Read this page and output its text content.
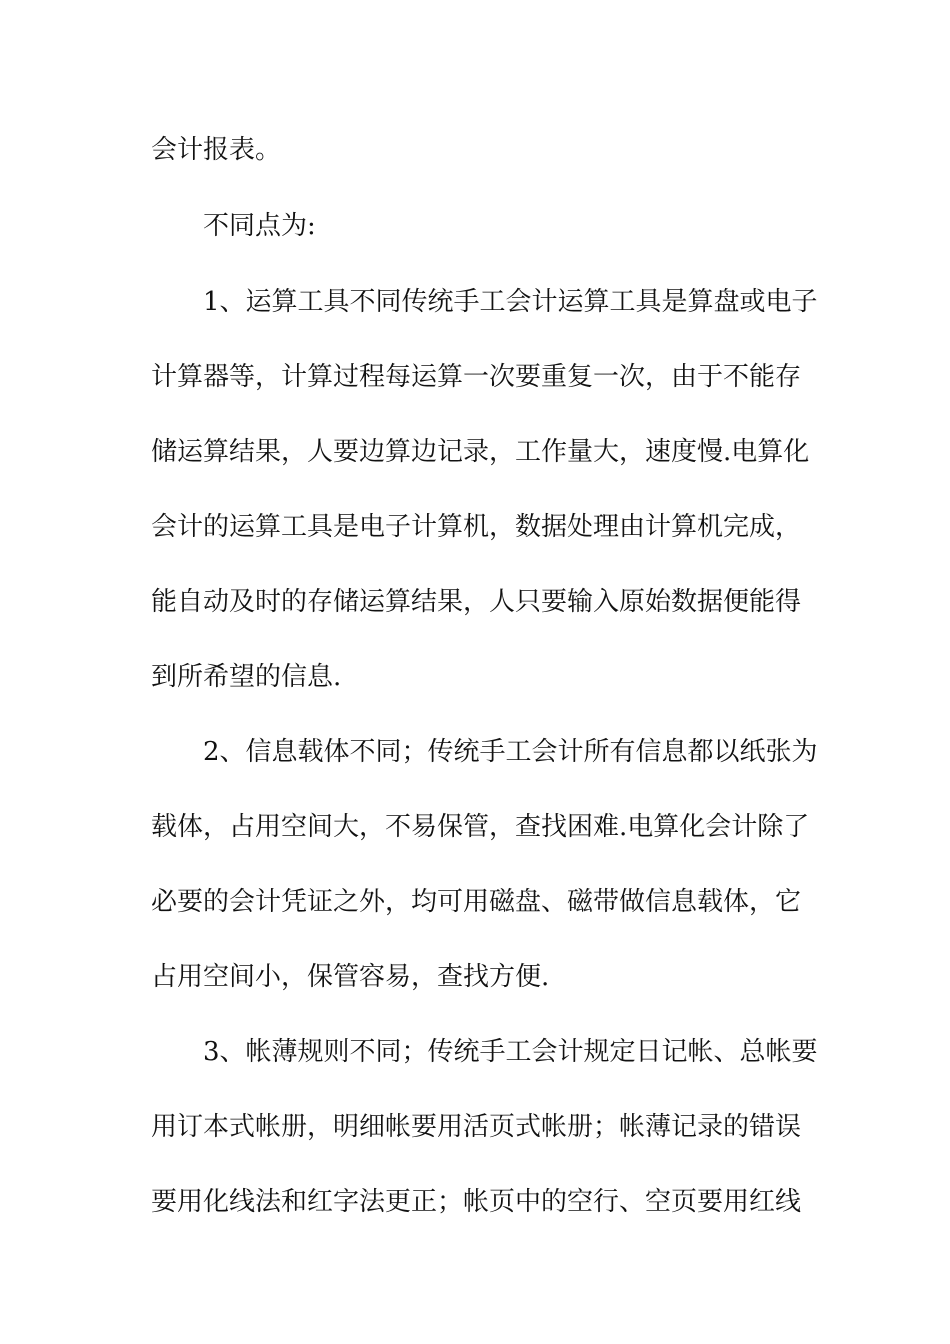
会计报表。
不同点为:
1、运算工具不同传统手工会计运算工具是算盘或电子
计算器等，计算过程每运算一次要重复一次，由于不能存
储运算结果，人要边算边记录，工作量大，速度慢.电算化
会计的运算工具是电子计算机，数据处理由计算机完成，
能自动及时的存储运算结果，人只要输入原始数据便能得
到所希望的信息.
2、信息载体不同；传统手工会计所有信息都以纸张为
载体，占用空间大，不易保管，查找困难.电算化会计除了
必要的会计凭证之外，均可用磁盘、磁带做信息载体，它
占用空间小，保管容易，查找方便.
3、帐薄规则不同；传统手工会计规定日记帐、总帐要
用订本式帐册，明细帐要用活页式帐册；帐薄记录的错误
要用化线法和红字法更正；帐页中的空行、空页要用红线
